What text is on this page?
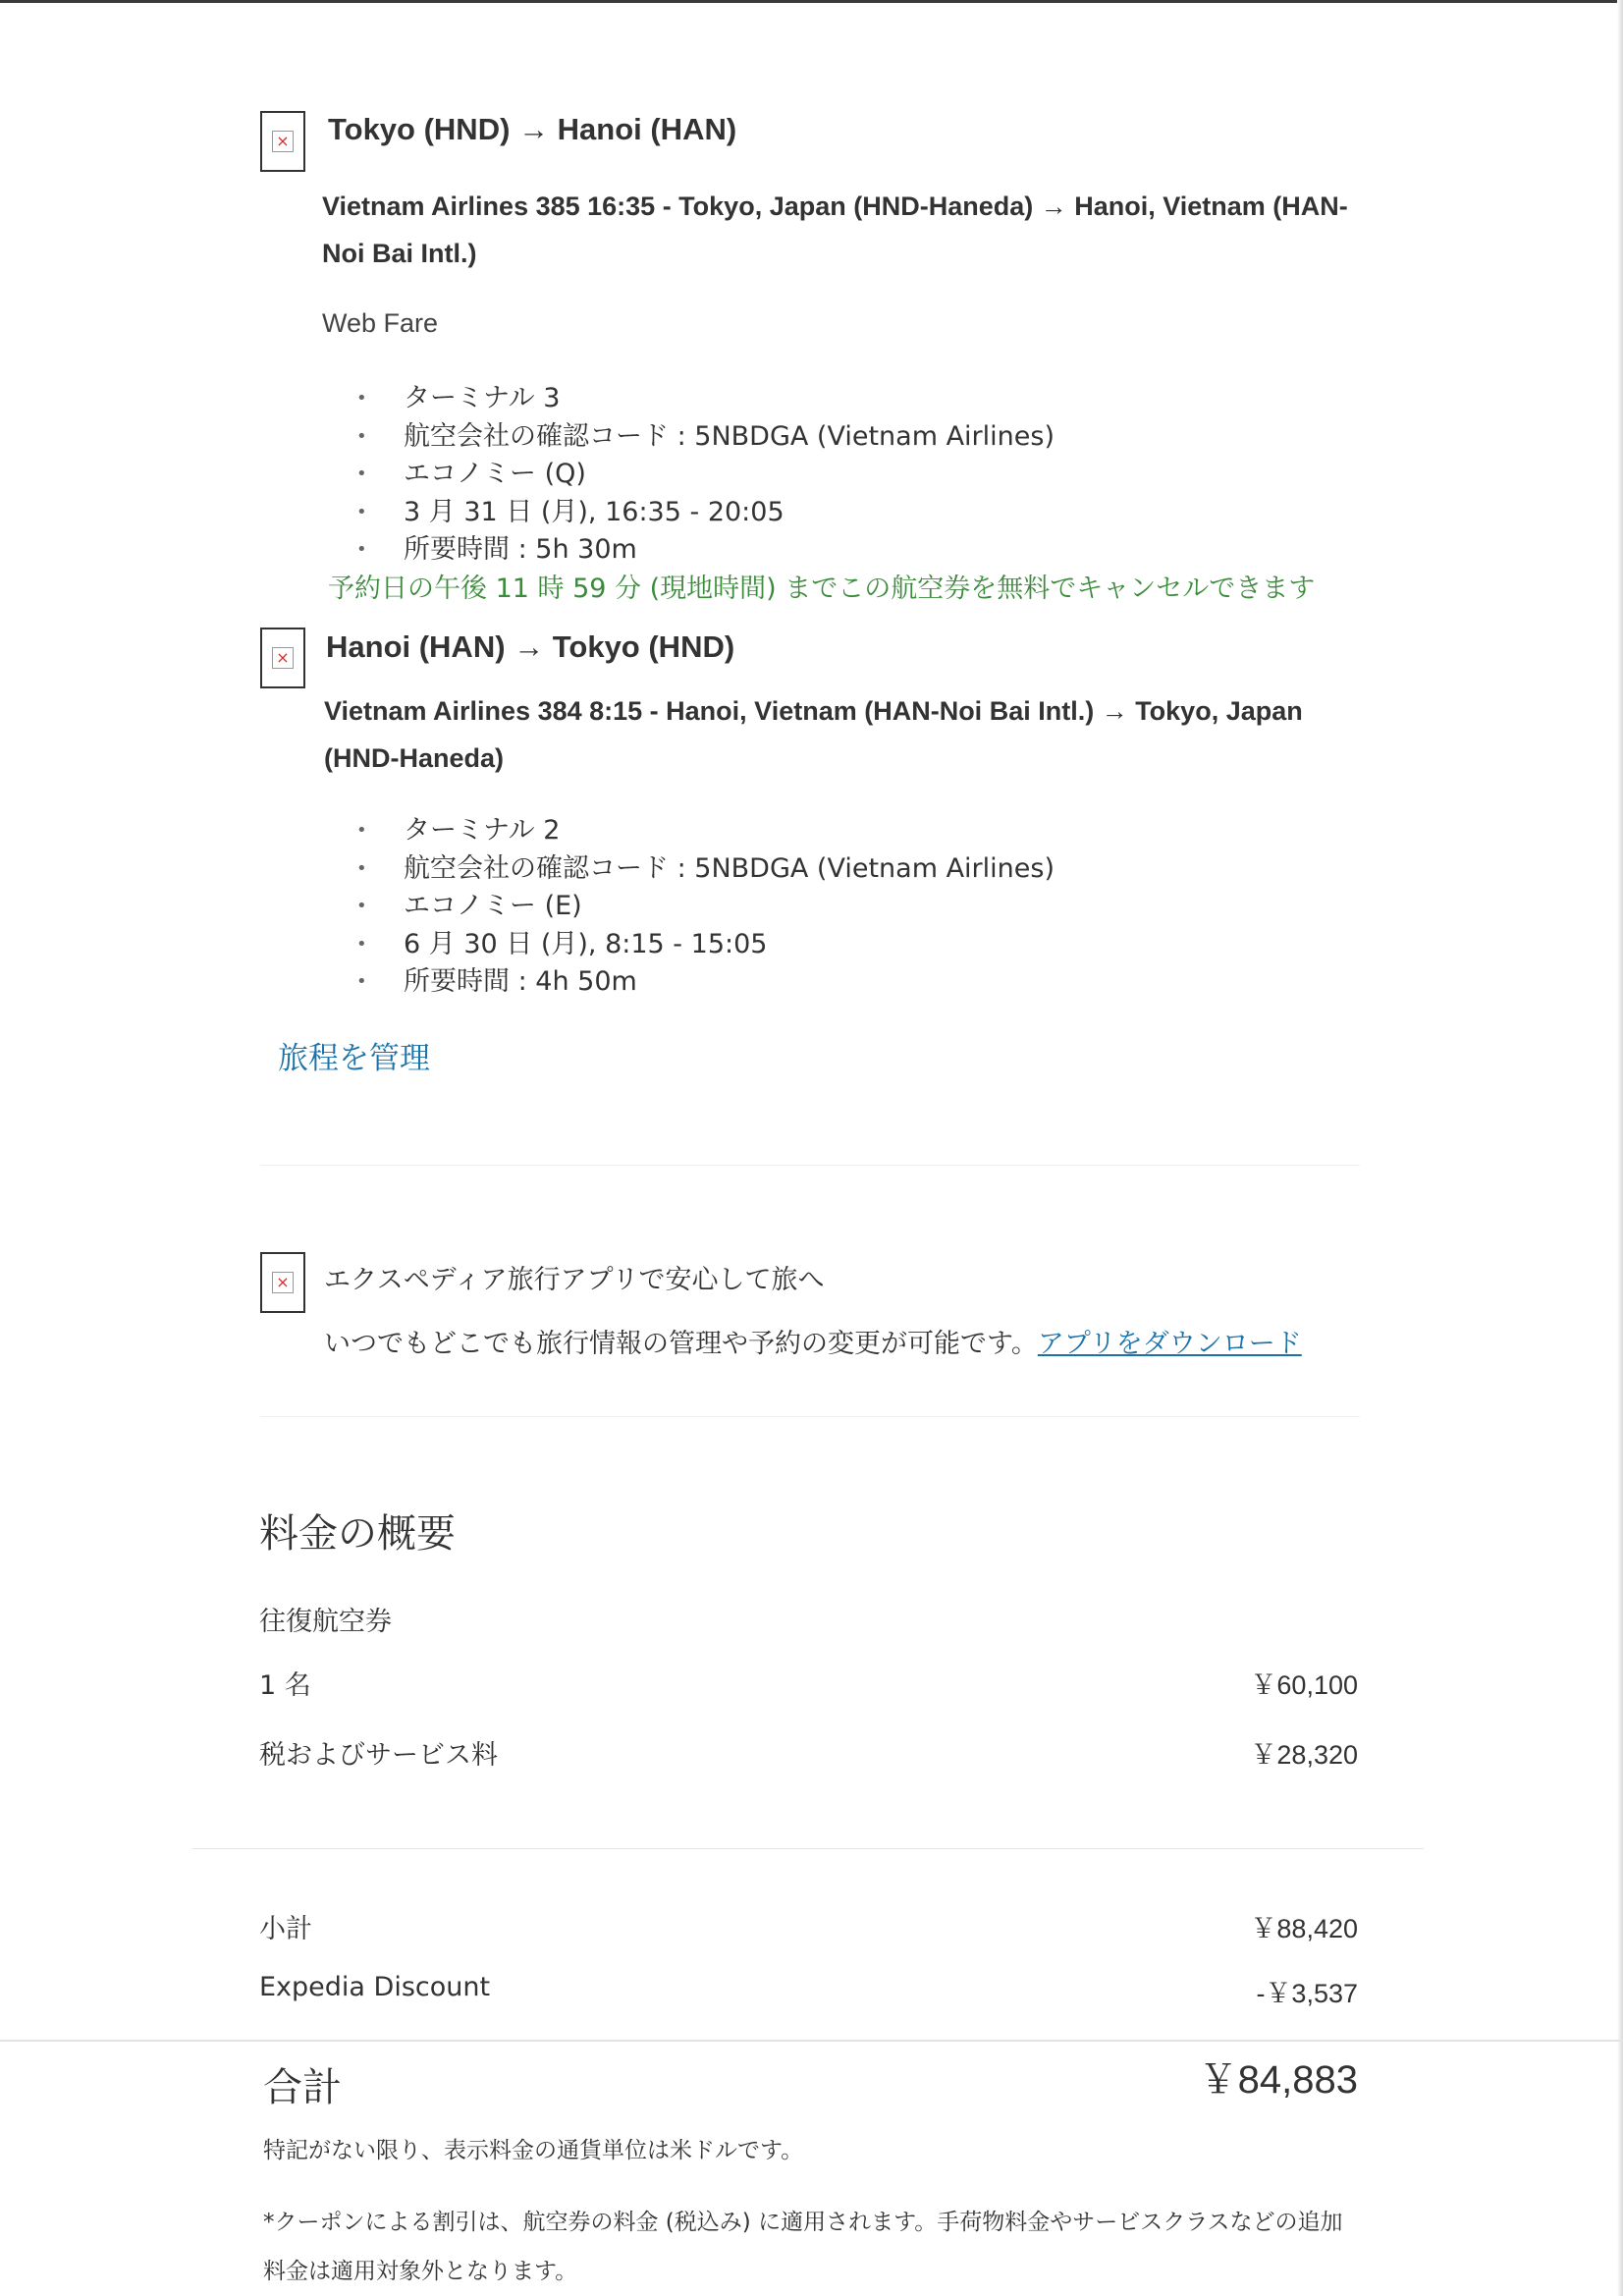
× Tokyo (HND) → Hanoi (HAN)
Vietnam Airlines 385 16:35 - Tokyo, Japan (HND-Haneda) → Hanoi, Vietnam (HAN-Noi Bai Intl.)
Web Fare
• ターミナル 3
• 航空会社の確認コード : 5NBDGA (Vietnam Airlines)
• エコノミー (Q)
• 3 月 31 日 (月), 16:35 - 20:05
• 所要時間 : 5h 30m
予約日の午後 11 時 59 分 (現地時間) までこの航空券を無料でキャンセルできます
× Hanoi (HAN) → Tokyo (HND)
Vietnam Airlines 384 8:15 - Hanoi, Vietnam (HAN-Noi Bai Intl.) → Tokyo, Japan (HND-Haneda)
• ターミナル 2
• 航空会社の確認コード : 5NBDGA (Vietnam Airlines)
• エコノミー (E)
• 6 月 30 日 (月), 8:15 - 15:05
• 所要時間 : 4h 50m
旅程を管理
× エクスペディア旅行アプリで安心して旅へ
いつでもどこでも旅行情報の管理や予約の変更が可能です。アプリをダウンロード
料金の概要
往復航空券
1 名	￥60,100
税およびサービス料	￥28,320
小計	￥88,420
Expedia Discount	-￥3,537
合計	￥84,883
特記がない限り、表示料金の通貨単位は米ドルです。
*クーポンによる割引は、航空券の料金 (税込み) に適用されます。手荷物料金やサービスクラスなどの追加料金は適用対象外となります。
